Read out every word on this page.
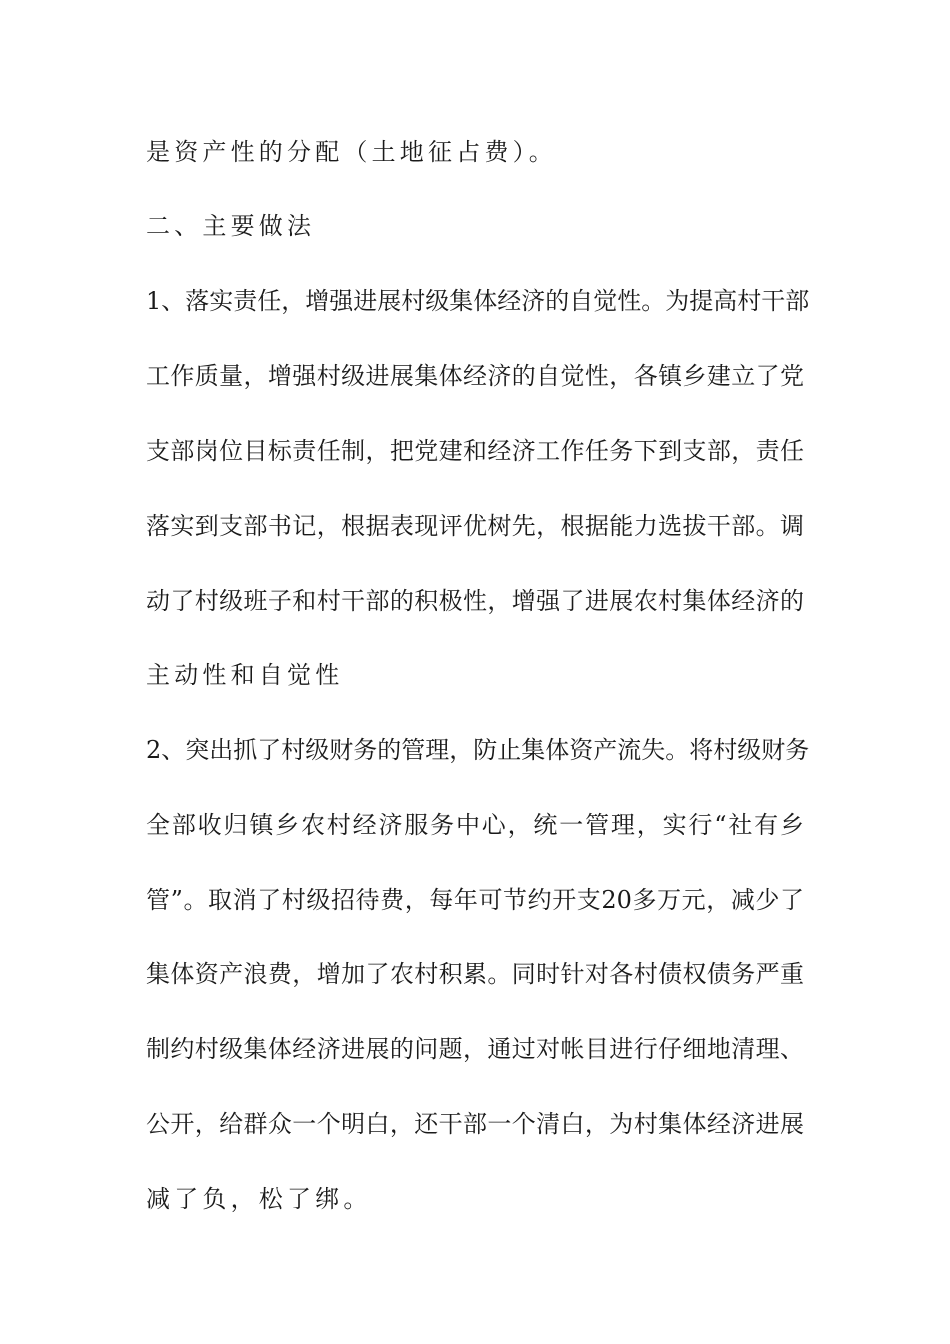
是资产性的分配（土地征占费）。

二、主要做法

1、落实责任，增强进展村级集体经济的自觉性。为提高村干部

工作质量，增强村级进展集体经济的自觉性，各镇乡建立了党

支部岗位目标责任制，把党建和经济工作任务下到支部，责任

落实到支部书记，根据表现评优树先，根据能力选拔干部。调

动了村级班子和村干部的积极性，增强了进展农村集体经济的

主动性和自觉性

2、突出抓了村级财务的管理，防止集体资产流失。将村级财务

全部收归镇乡农村经济服务中心，统一管理，实行“社有乡

管”。取消了村级招待费，每年可节约开支20多万元，减少了

集体资产浪费，增加了农村积累。同时针对各村债权债务严重

制约村级集体经济进展的问题，通过对帐目进行仔细地清理、

公开，给群众一个明白，还干部一个清白，为村集体经济进展

减了负，松了绑。
